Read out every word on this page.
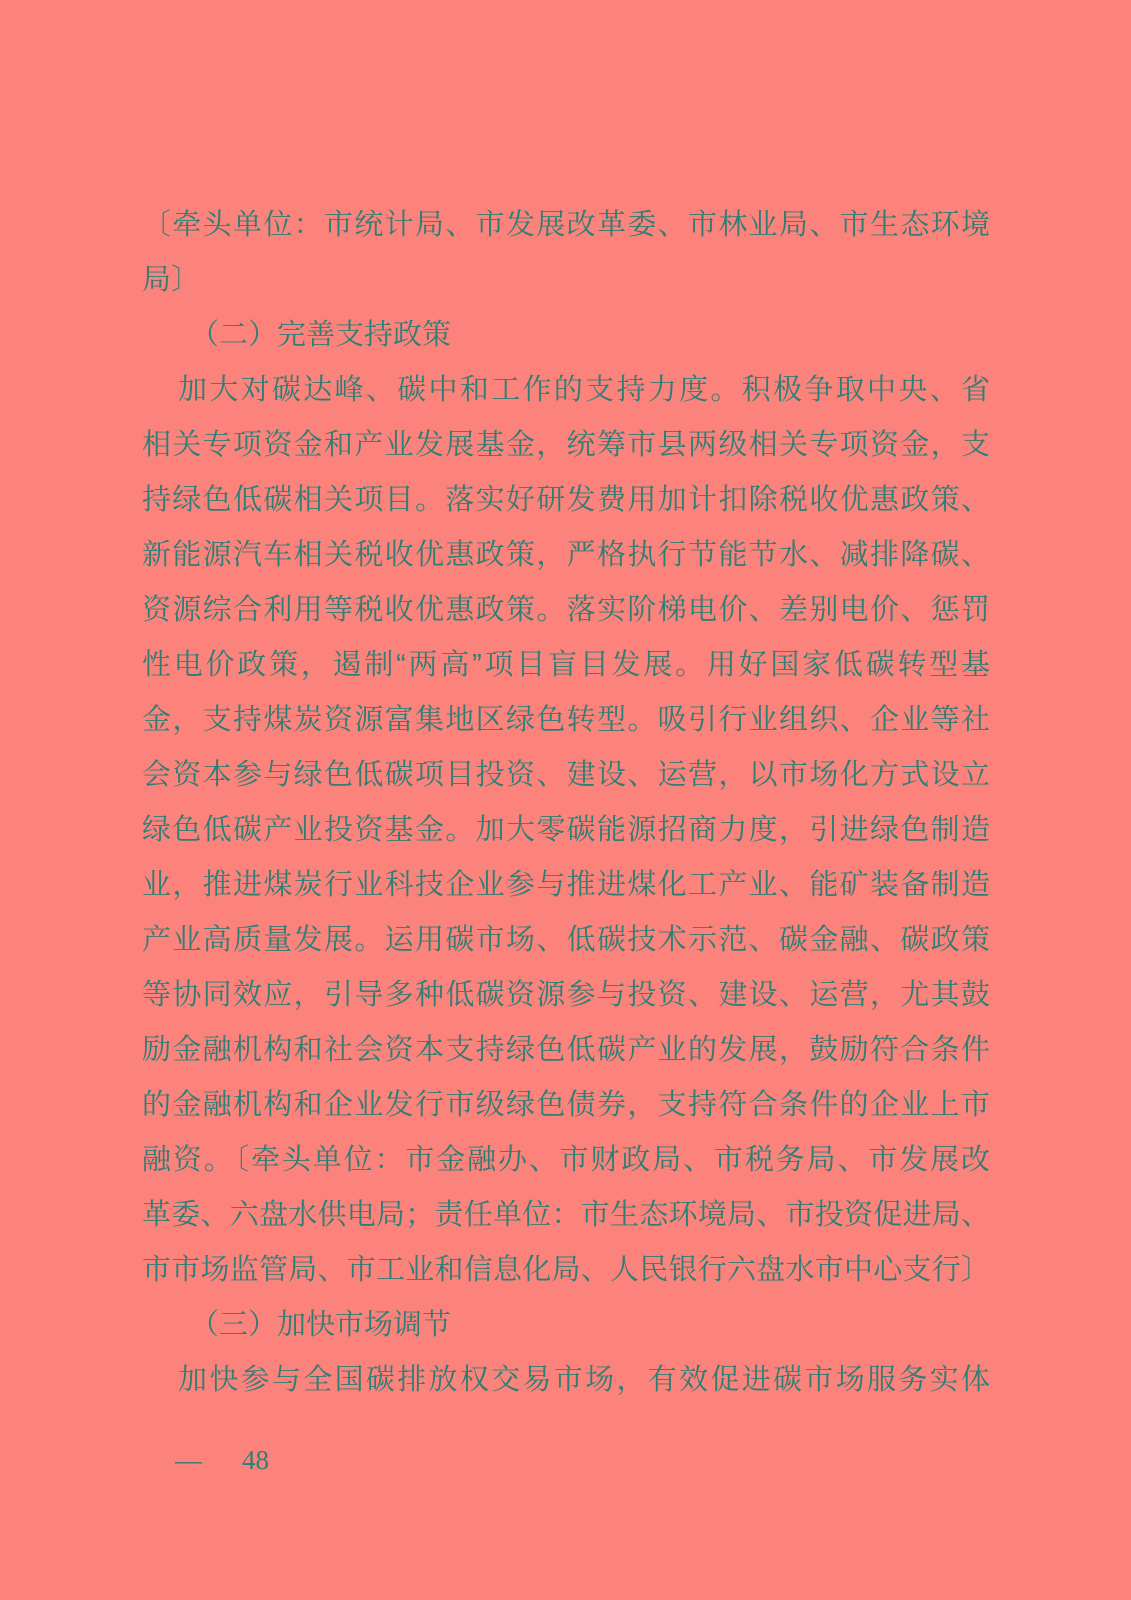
〔牵头单位：市统计局、市发展改革委、市林业局、市生态环境
局〕
（二）完善支持政策
加大对碳达峰、碳中和工作的支持力度。积极争取中央、省
相关专项资金和产业发展基金，统筹市县两级相关专项资金，支
持绿色低碳相关项目。落实好研发费用加计扣除税收优惠政策、
新能源汽车相关税收优惠政策，严格执行节能节水、减排降碳、
资源综合利用等税收优惠政策。落实阶梯电价、差别电价、惩罚
性电价政策，遏制“两高”项目盲目发展。用好国家低碳转型基
金，支持煤炭资源富集地区绿色转型。吸引行业组织、企业等社
会资本参与绿色低碳项目投资、建设、运营，以市场化方式设立
绿色低碳产业投资基金。加大零碳能源招商力度，引进绿色制造
业，推进煤炭行业科技企业参与推进煤化工产业、能矿装备制造
产业高质量发展。运用碳市场、低碳技术示范、碳金融、碳政策
等协同效应，引导多种低碳资源参与投资、建设、运营，尤其鼓
励金融机构和社会资本支持绿色低碳产业的发展，鼓励符合条件
的金融机构和企业发行市级绿色债券，支持符合条件的企业上市
融资。〔牵头单位：市金融办、市财政局、市税务局、市发展改
革委、六盘水供电局；责任单位：市生态环境局、市投资促进局、
市市场监管局、市工业和信息化局、人民银行六盘水市中心支行〕
（三）加快市场调节
加快参与全国碳排放权交易市场，有效促进碳市场服务实体
— 48
